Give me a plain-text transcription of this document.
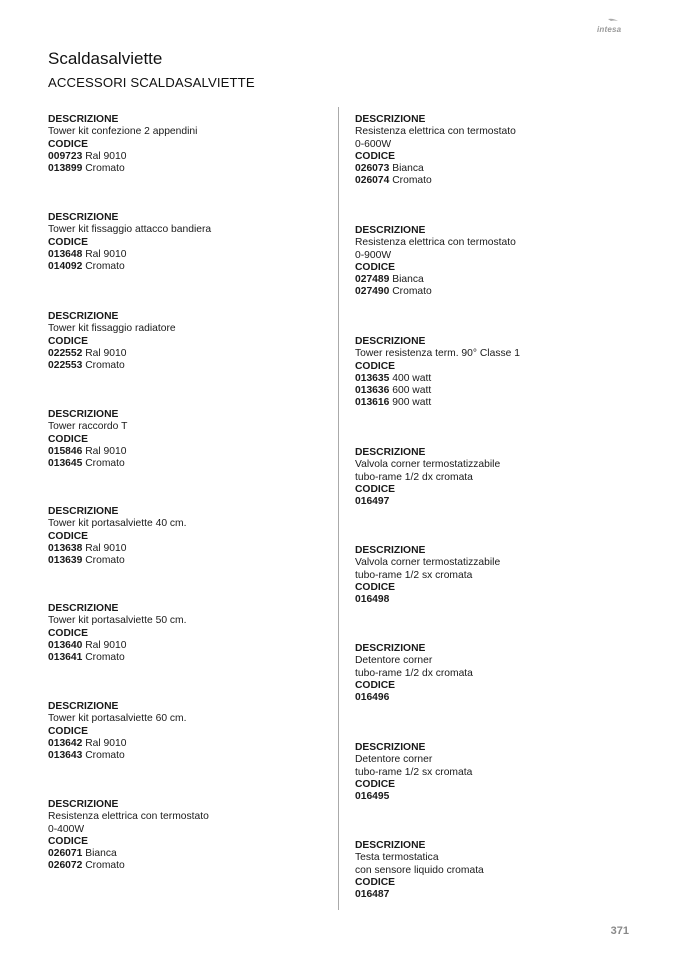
intesa
Scaldasalviette
ACCESSORI SCALDASALVIETTE
DESCRIZIONE
Tower kit confezione 2 appendini
CODICE
009723 Ral 9010
013899 Cromato
DESCRIZIONE
Tower kit fissaggio attacco bandiera
CODICE
013648 Ral 9010
014092 Cromato
DESCRIZIONE
Tower kit fissaggio radiatore
CODICE
022552 Ral 9010
022553 Cromato
DESCRIZIONE
Tower raccordo T
CODICE
015846 Ral 9010
013645 Cromato
DESCRIZIONE
Tower kit portasalviette 40 cm.
CODICE
013638 Ral 9010
013639 Cromato
DESCRIZIONE
Tower kit portasalviette 50 cm.
CODICE
013640 Ral 9010
013641 Cromato
DESCRIZIONE
Tower kit portasalviette 60 cm.
CODICE
013642 Ral 9010
013643 Cromato
DESCRIZIONE
Resistenza elettrica con termostato
0-400W
CODICE
026071 Bianca
026072 Cromato
DESCRIZIONE
Resistenza elettrica con termostato
0-600W
CODICE
026073 Bianca
026074 Cromato
DESCRIZIONE
Resistenza elettrica con termostato
0-900W
CODICE
027489 Bianca
027490 Cromato
DESCRIZIONE
Tower resistenza term. 90° Classe 1
CODICE
013635 400 watt
013636 600 watt
013616 900 watt
DESCRIZIONE
Valvola corner termostatizzabile
tubo-rame 1/2 dx cromata
CODICE
016497
DESCRIZIONE
Valvola corner termostatizzabile
tubo-rame 1/2 sx cromata
CODICE
016498
DESCRIZIONE
Detentore corner
tubo-rame 1/2 dx cromata
CODICE
016496
DESCRIZIONE
Detentore corner
tubo-rame 1/2 sx cromata
CODICE
016495
DESCRIZIONE
Testa termostatica
con sensore liquido cromata
CODICE
016487
371
